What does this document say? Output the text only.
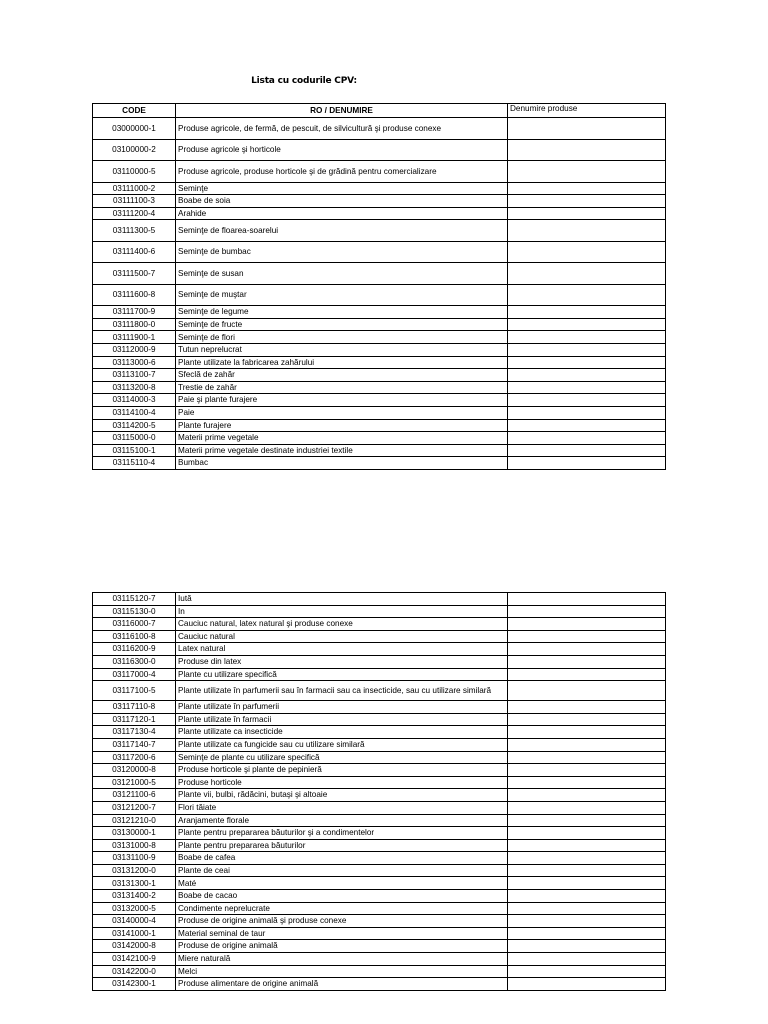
Lista cu codurile CPV:
CODE	RO / DENUMIRE	Denumire produse
03000000-1	Produse agricole, de fermă, de pescuit, de silvicultură şi produse conexe	
03100000-2	Produse agricole şi horticole	
03110000-5	Produse agricole, produse horticole şi de grădină pentru comercializare	
03111000-2	Seminţe	
03111100-3	Boabe de soia	
03111200-4	Arahide	
03111300-5	Seminţe de floarea-soarelui	
03111400-6	Seminţe de bumbac	
03111500-7	Seminţe de susan	
03111600-8	Seminţe de muştar	
03111700-9	Seminţe de legume	
03111800-0	Seminţe de fructe	
03111900-1	Seminţe de flori	
03112000-9	Tutun neprelucrat	
03113000-6	Plante utilizate la fabricarea zahărului	
03113100-7	Sfeclă de zahăr	
03113200-8	Trestie de zahăr	
03114000-3	Paie şi plante furajere	
03114100-4	Paie	
03114200-5	Plante furajere	
03115000-0	Materii prime vegetale	
03115100-1	Materii prime vegetale destinate industriei textile	
03115110-4	Bumbac	
03115120-7	Iută	
03115130-0	In	
03116000-7	Cauciuc natural, latex natural şi produse conexe	
03116100-8	Cauciuc natural	
03116200-9	Latex natural	
03116300-0	Produse din latex	
03117000-4	Plante cu utilizare specifică	
03117100-5	Plante utilizate în parfumerii sau în farmacii sau ca insecticide, sau cu utilizare similară	
03117110-8	Plante utilizate în parfumerii	
03117120-1	Plante utilizate în farmacii	
03117130-4	Plante utilizate ca insecticide	
03117140-7	Plante utilizate ca fungicide sau cu utilizare similară	
03117200-6	Seminţe de plante cu utilizare specifică	
03120000-8	Produse horticole şi plante de pepinieră	
03121000-5	Produse horticole	
03121100-6	Plante vii, bulbi, rădăcini, butaşi şi altoaie	
03121200-7	Flori tăiate	
03121210-0	Aranjamente florale	
03130000-1	Plante pentru prepararea băuturilor şi a condimentelor	
03131000-8	Plante pentru prepararea băuturilor	
03131100-9	Boabe de cafea	
03131200-0	Plante de ceai	
03131300-1	Maté	
03131400-2	Boabe de cacao	
03132000-5	Condimente neprelucrate	
03140000-4	Produse de origine animală şi produse conexe	
03141000-1	Material seminal de taur	
03142000-8	Produse de origine animală	
03142100-9	Miere naturală	
03142200-0	Melci	
03142300-1	Produse alimentare de origine animală	
